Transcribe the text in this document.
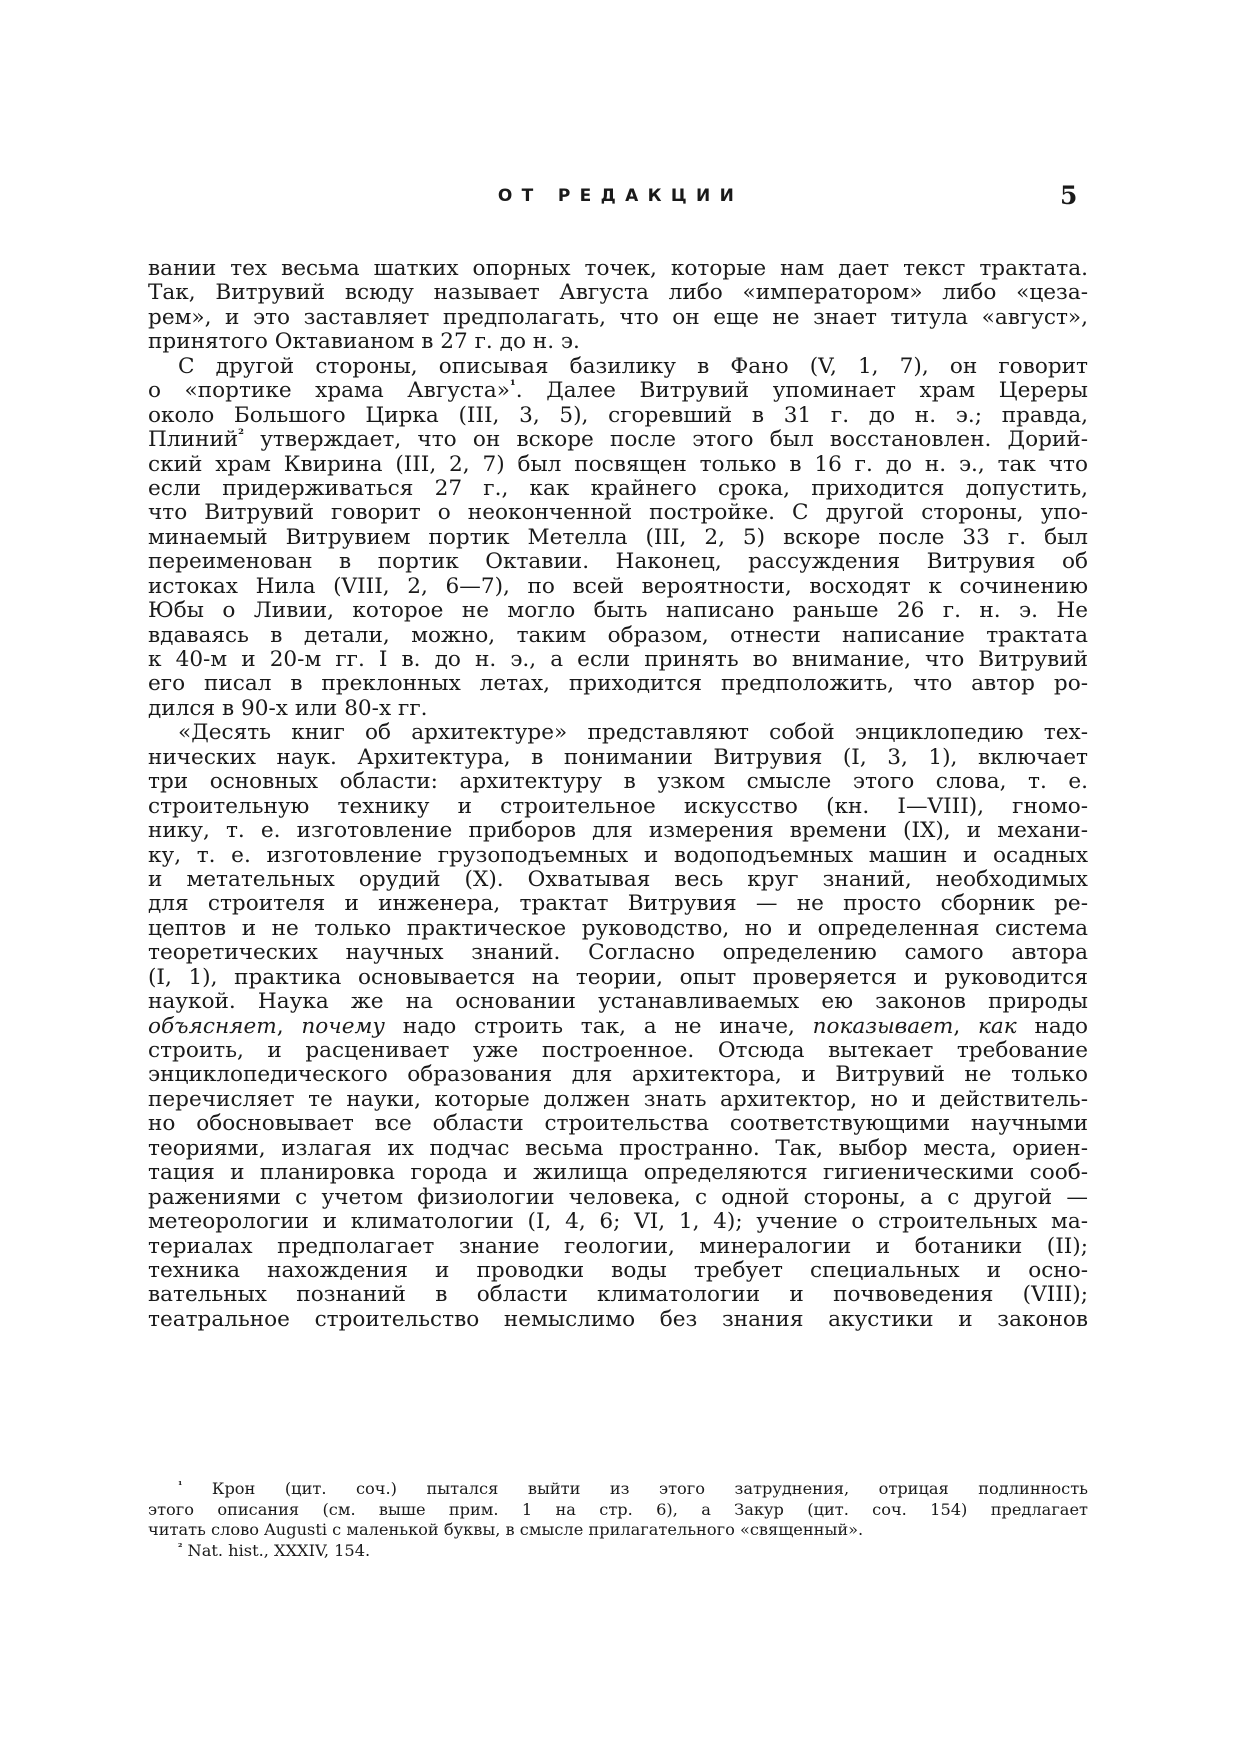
ОТ РЕДАКЦИИ	5
вании тех весьма шатких опорных точек, которые нам дает текст трактата.
Так, Витрувий всюду называет Августа либо «императором» либо «цеза-
рем», и это заставляет предполагать, что он еще не знает титула «август»,
принятого Октавианом в 27 г. до н. э.
С другой стороны, описывая базилику в Фано (V, 1, 7), он говорит
о «портике храма Августа»$^{^1}$. Далее Витрувий упоминает храм Цереры
около Большого Цирка (III, 3, 5), сгоревший в 31 г. до н. э.; правда,
Плиний$^{^2}$ утверждает, что он вскоре после этого был восстановлен. Дорий-
ский храм Квирина (III, 2, 7) был посвящен только в 16 г. до н. э., так что
если придерживаться 27 г., как крайнего срока, приходится допустить,
что Витрувий говорит о неоконченной постройке. С другой стороны, упо-
минаемый Витрувием портик Метелла (III, 2, 5) вскоре после 33 г. был
переименован в портик Октавии. Наконец, рассуждения Витрувия об
истоках Нила (VIII, 2, 6—7), по всей вероятности, восходят к сочинению
Юбы о Ливии, которое не могло быть написано раньше 26 г. н. э. Не
вдаваясь в детали, можно, таким образом, отнести написание трактата
к 40-м и 20-м гг. I в. до н. э., а если принять во внимание, что Витрувий
его писал в преклонных летах, приходится предположить, что автор ро-
дился в 90-х или 80-х гг.
«Десять книг об архитектуре» представляют собой энциклопедию тех-
нических наук. Архитектура, в понимании Витрувия (I, 3, 1), включает
три основных области: архитектуру в узком смысле этого слова, т. е.
строительную технику и строительное искусство (кн. I—VIII), гномо-
нику, т. е. изготовление приборов для измерения времени (IX), и механи-
ку, т. е. изготовление грузоподъемных и водоподъемных машин и осадных
и метательных орудий (X). Охватывая весь круг знаний, необходимых
для строителя и инженера, трактат Витрувия — не просто сборник ре-
цептов и не только практическое руководство, но и определенная система
теоретических научных знаний. Согласно определению самого автора
(I, 1), практика основывается на теории, опыт проверяется и руководится
наукой. Наука же на основании устанавливаемых ею законов природы
объясняет, почему надо строить так, а не иначе, показывает, как надо
строить, и расценивает уже построенное. Отсюда вытекает требование
энциклопедического образования для архитектора, и Витрувий не только
перечисляет те науки, которые должен знать архитектор, но и действитель-
но обосновывает все области строительства соответствующими научными
теориями, излагая их подчас весьма пространно. Так, выбор места, ориен-
тация и планировка города и жилища определяются гигиеническими сооб-
ражениями с учетом физиологии человека, с одной стороны, а с другой —
метеорологии и климатологии (I, 4, 6; VI, 1, 4); учение о строительных ма-
териалах предполагает знание геологии, минералогии и ботаники (II);
техника нахождения и проводки воды требует специальных и осно-
вательных познаний в области климатологии и почвоведения (VIII);
театральное строительство немыслимо без знания акустики и законов
$^{^1}$ Крон (цит. соч.) пытался выйти из этого затруднения, отрицая подлинность
этого описания (см. выше прим. 1 на стр. 6), а Закур (цит. соч. 154) предлагает
читать слово Augusti с маленькой буквы, в смысле прилагательного «священный».
$^{^2}$ Nat. hist., XXXIV, 154.
